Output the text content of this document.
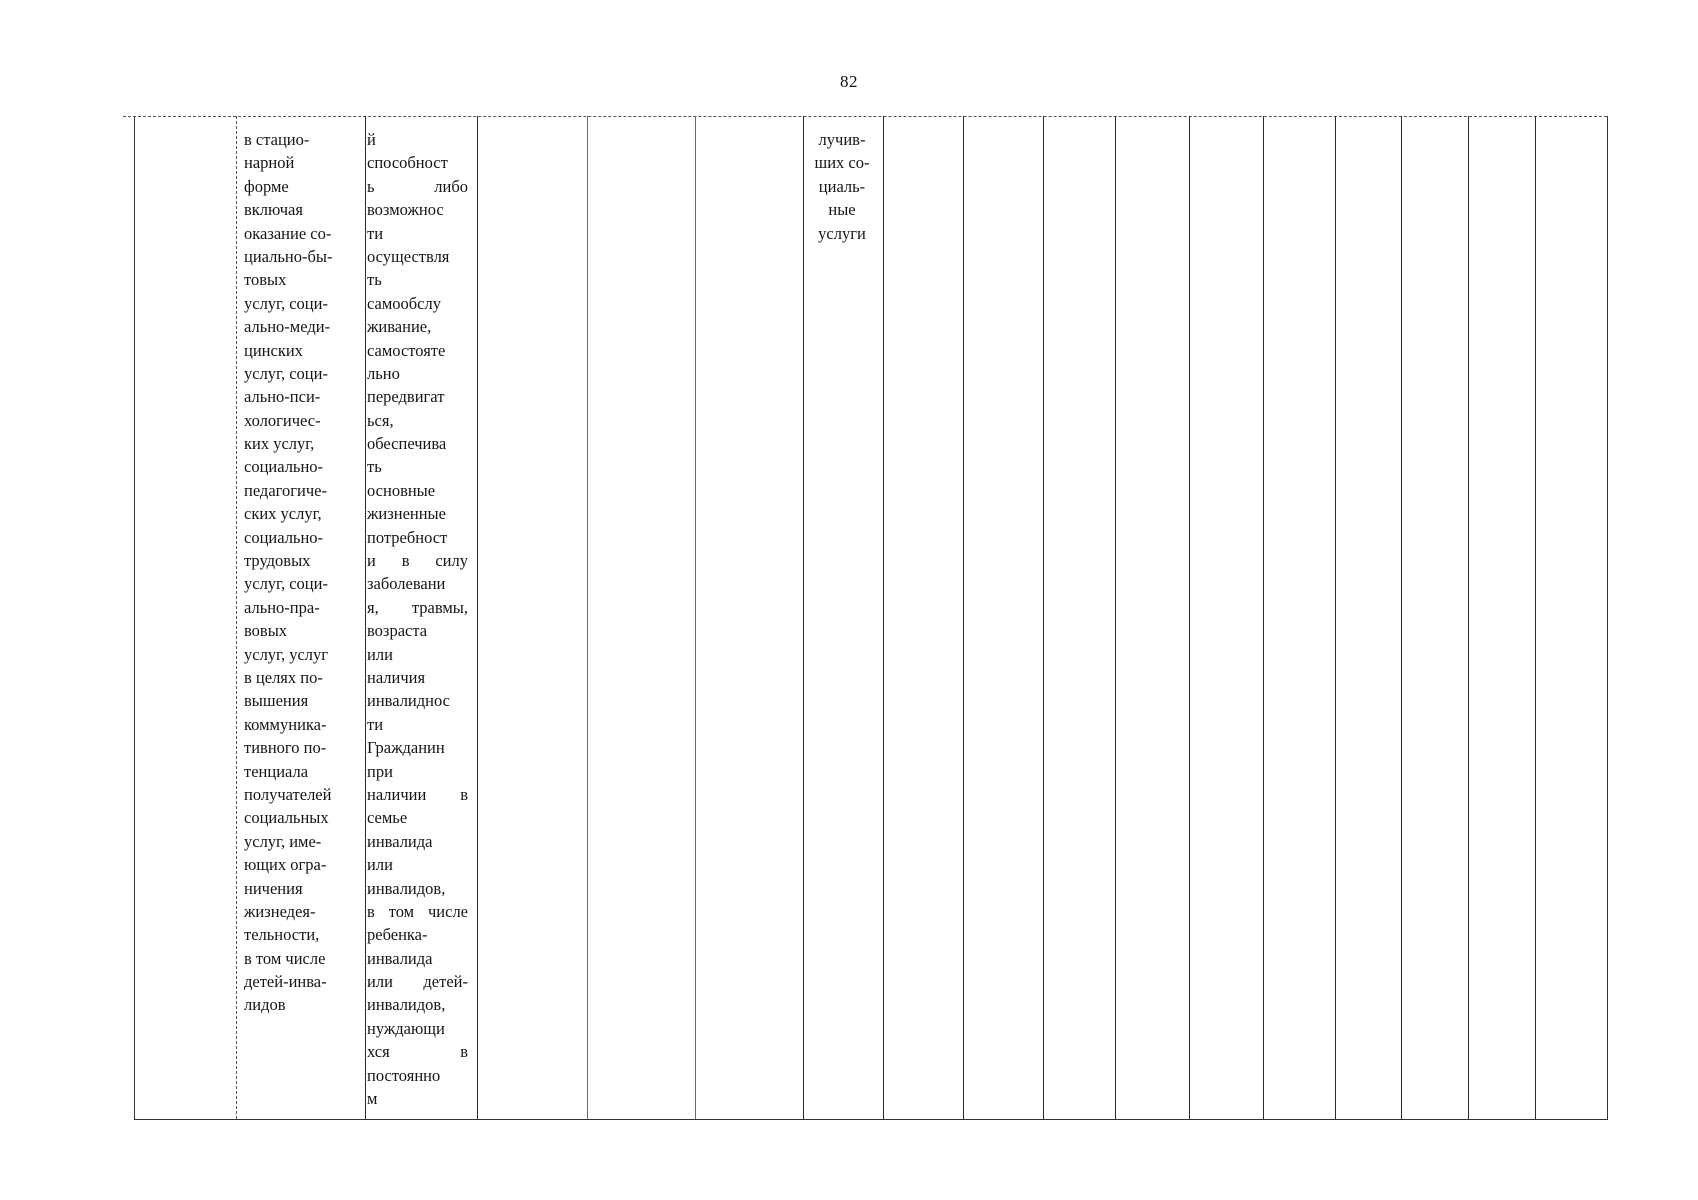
82
в стацио-
нарной
форме
включая
оказание со-
циально-бы-
товых
услуг, соци-
ально-меди-
цинских
услуг, соци-
ально-пси-
хологичес-
ких услуг,
социально-
педагогиче-
ских услуг,
социально-
трудовых
услуг, соци-
ально-пра-
вовых
услуг, услуг
в целях по-
вышения
коммуника-
тивного по-
тенциала
получателей
социальных
услуг, име-
ющих огра-
ничения
жизнедея-
тельности,
в том числе
детей-инва-
лидов
й
способност
ь либо
возможнос
ти
осуществля
ть
самообслу
живание,
самостояте
льно
передвигат
ься,
обеспечива
ть
основные
жизненные
потребност
и в силу
заболевани
я, травмы,
возраста
или
наличия
инвалиднос
ти
Гражданин
при
наличии в
семье
инвалида
или
инвалидов,
в том числе
ребенка-
инвалида
или детей-
инвалидов,
нуждающи
хся в
постоянно
м
лучив-
ших со-
циаль-
ные
услуги
